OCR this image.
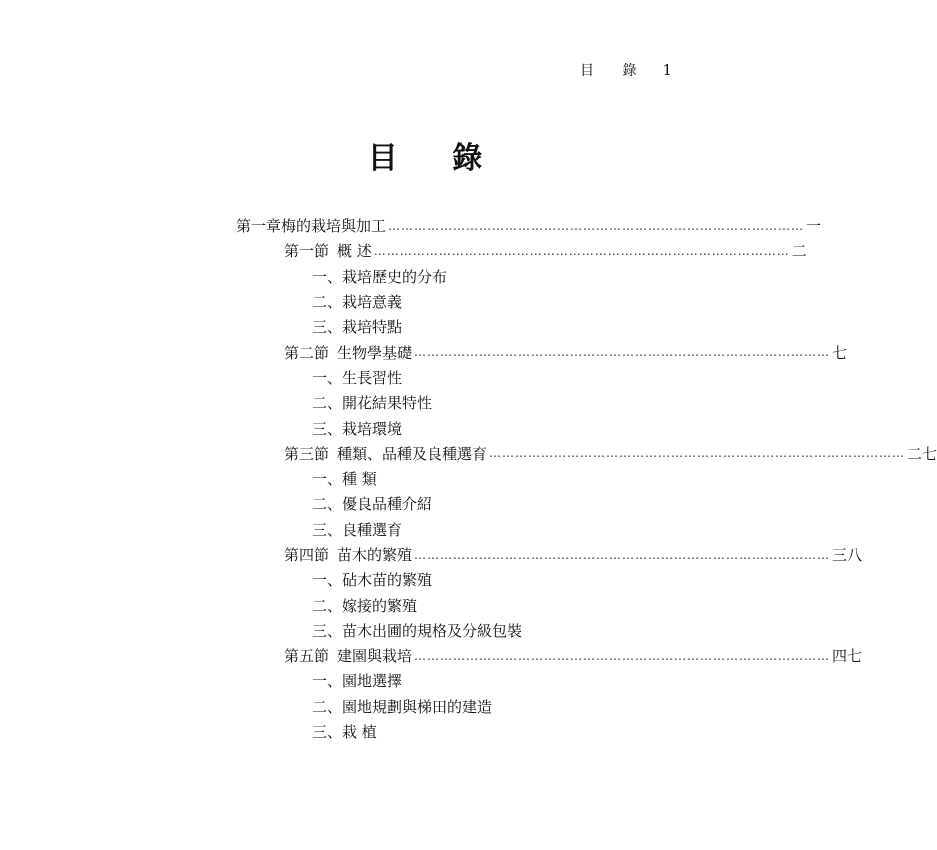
目 錄 1
目 錄
第一章 梅的栽培與加工 …………………………………………………………………………………… 一
第一節 概 述 …………………………………………………………………………………… 二
一、 栽培歷史的分布
二、 栽培意義
三、 栽培特點
第二節 生物學基礎 …………………………………………………………………………………… 七
一、 生長習性
二、 開花結果特性
三、 栽培環境
第三節 種類、品種及良種選育 …………………………………………………………………………………… 二七
一、 種 類
二、 優良品種介紹
三、 良種選育
第四節 苗木的繁殖 …………………………………………………………………………………… 三八
一、 砧木苗的繁殖
二、 嫁接的繁殖
三、 苗木出圃的規格及分級包裝
第五節 建園與栽培 …………………………………………………………………………………… 四七
一、 園地選擇
二、 園地規劃與梯田的建造
三、 栽 植
